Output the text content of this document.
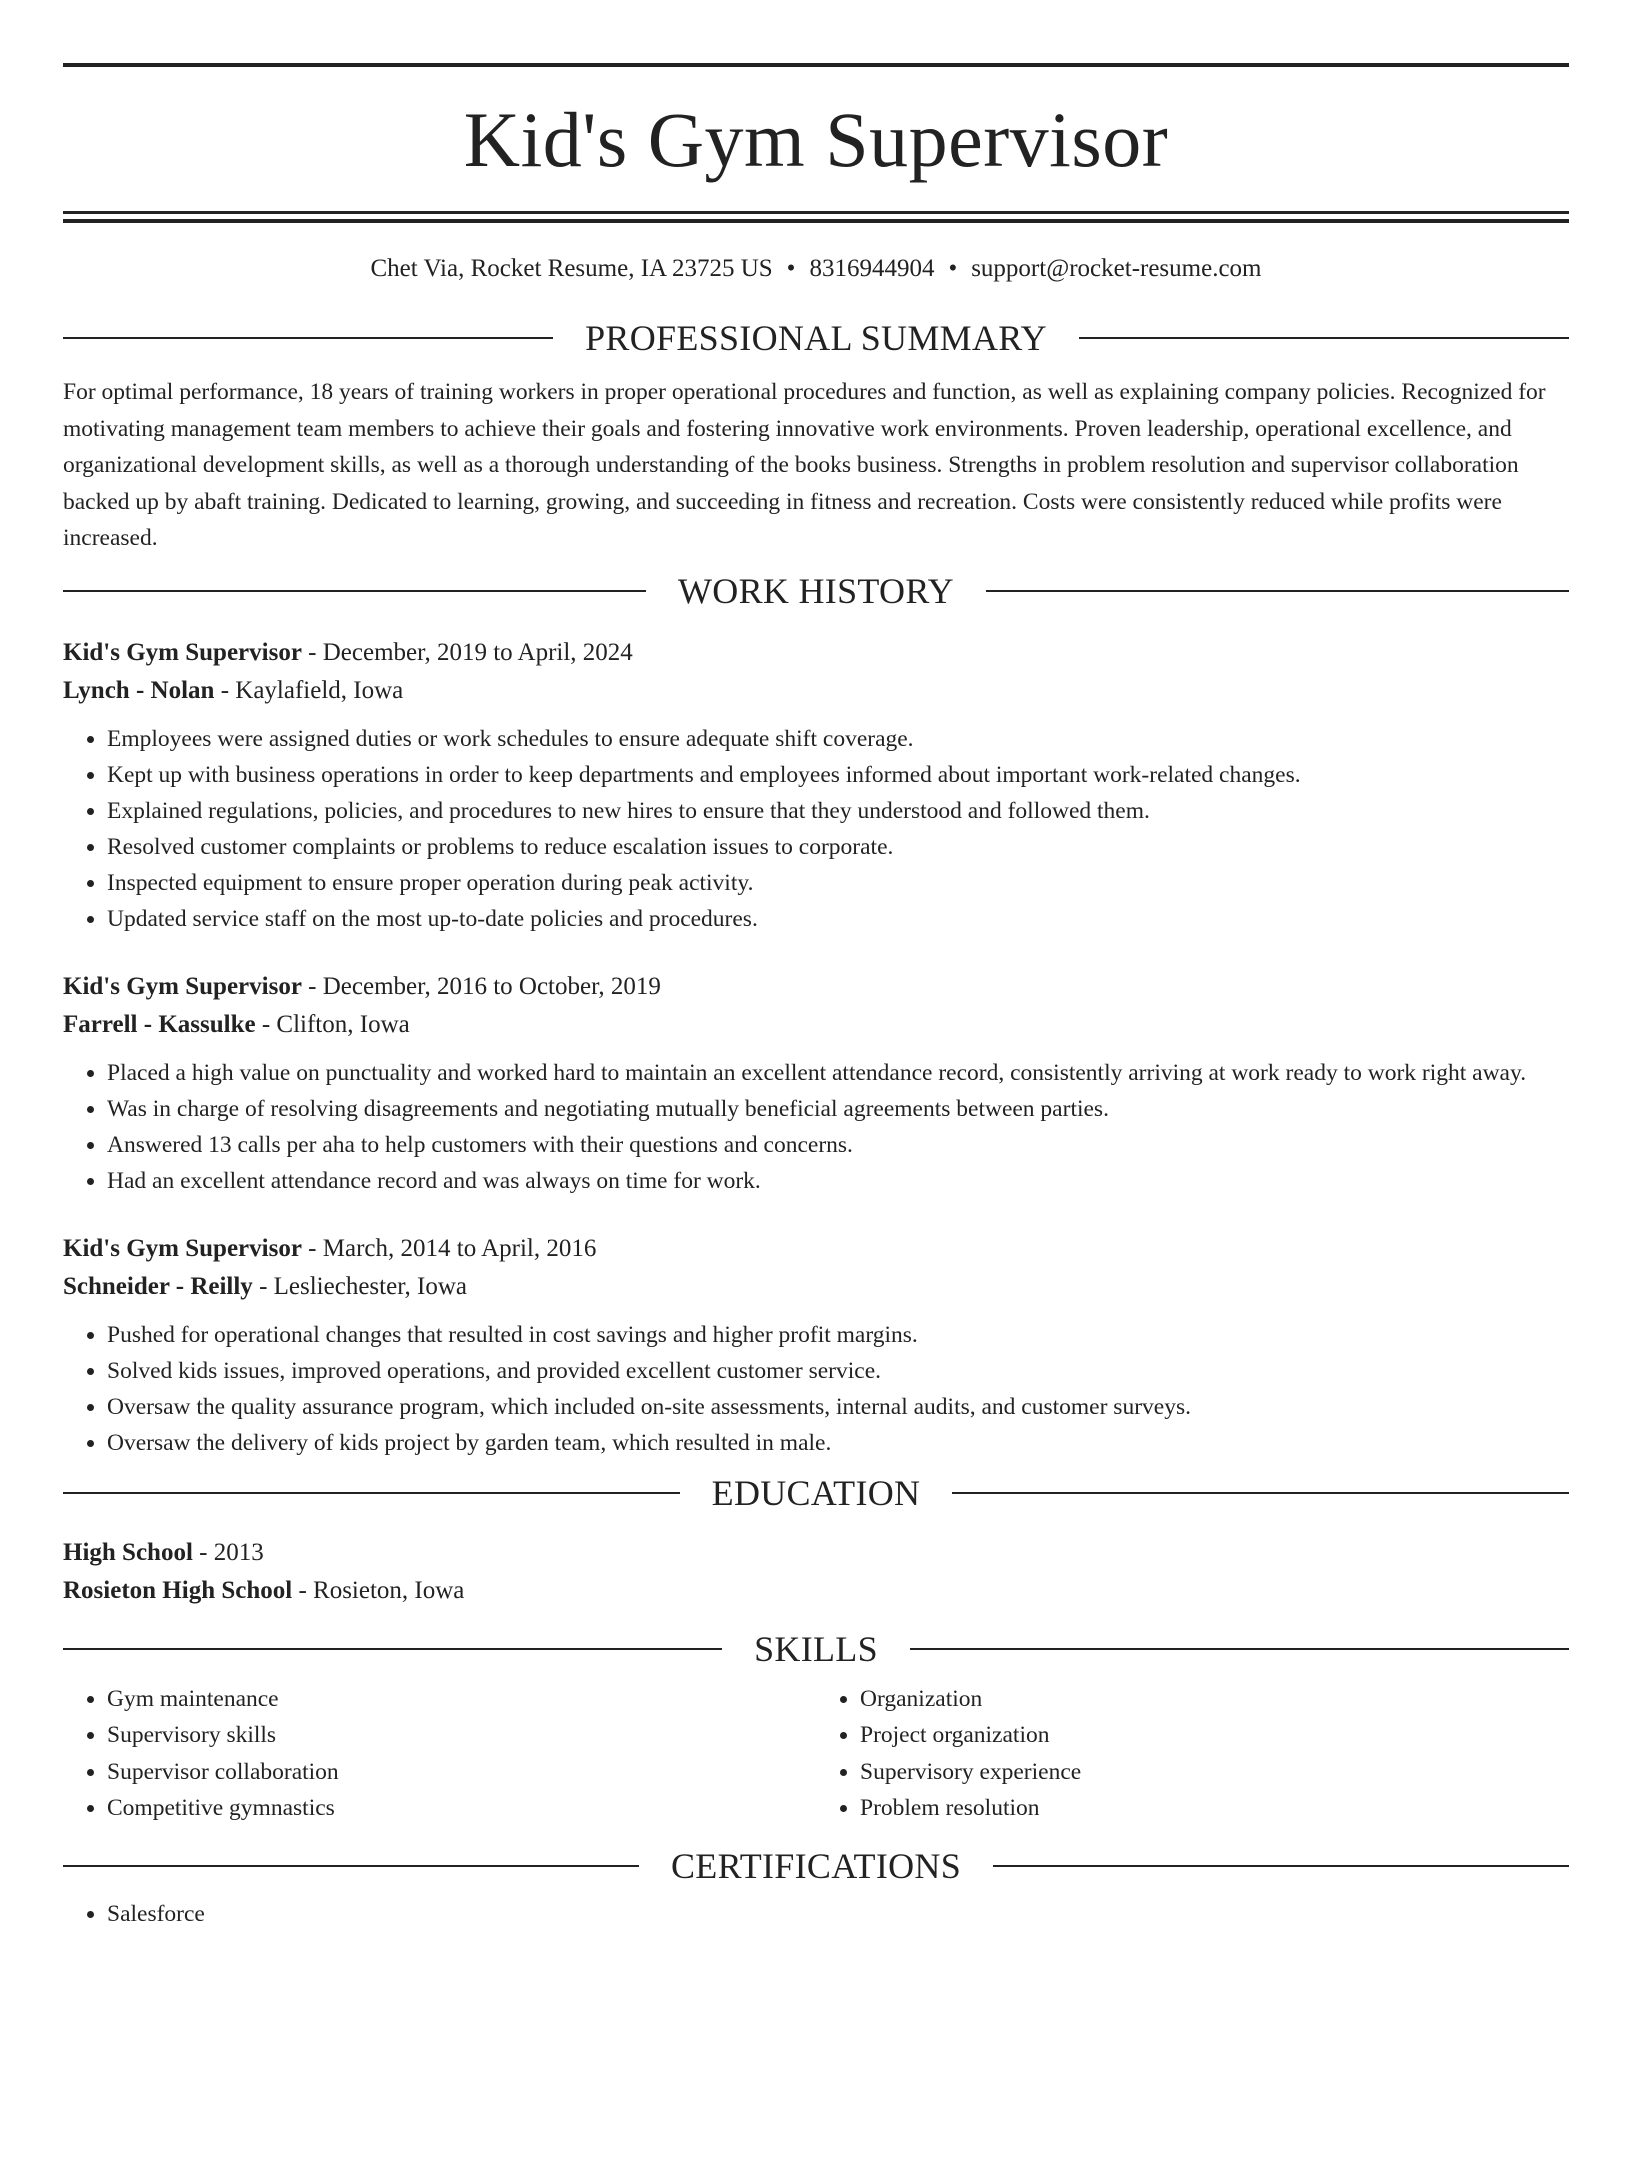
Kid's Gym Supervisor
Chet Via, Rocket Resume, IA 23725 US • 8316944904 • support@rocket-resume.com
PROFESSIONAL SUMMARY

For optimal performance, 18 years of training workers in proper operational procedures and function, as well as explaining company policies. Recognized for motivating management team members to achieve their goals and fostering innovative work environments. Proven leadership, operational excellence, and organizational development skills, as well as a thorough understanding of the books business. Strengths in problem resolution and supervisor collaboration backed up by abaft training. Dedicated to learning, growing, and succeeding in fitness and recreation. Costs were consistently reduced while profits were increased.

WORK HISTORY

Kid's Gym Supervisor - December, 2019 to April, 2024

Lynch - Nolan - Kaylafield, Iowa

• Employees were assigned duties or work schedules to ensure adequate shift coverage.
• Kept up with business operations in order to keep departments and employees informed about important work-related changes.
• Explained regulations, policies, and procedures to new hires to ensure that they understood and followed them.
• Resolved customer complaints or problems to reduce escalation issues to corporate.
• Inspected equipment to ensure proper operation during peak activity.
• Updated service staff on the most up-to-date policies and procedures.

Kid's Gym Supervisor - December, 2016 to October, 2019

Farrell - Kassulke - Clifton, Iowa

• Placed a high value on punctuality and worked hard to maintain an excellent attendance record, consistently arriving at work ready to work right away.
• Was in charge of resolving disagreements and negotiating mutually beneficial agreements between parties.
• Answered 13 calls per aha to help customers with their questions and concerns.
• Had an excellent attendance record and was always on time for work.

Kid's Gym Supervisor - March, 2014 to April, 2016

Schneider - Reilly - Lesliechester, Iowa

• Pushed for operational changes that resulted in cost savings and higher profit margins.
• Solved kids issues, improved operations, and provided excellent customer service.
• Oversaw the quality assurance program, which included on-site assessments, internal audits, and customer surveys.
• Oversaw the delivery of kids project by garden team, which resulted in male.
EDUCATION

High School - 2013

Rosieton High School - Rosieton, Iowa

SKILLS
• Gym maintenance
• Supervisory skills
• Supervisor collaboration
• Competitive gymnastics
• Organization
• Project organization
• Supervisory experience
• Problem resolution
CERTIFICATIONS
• Salesforce
